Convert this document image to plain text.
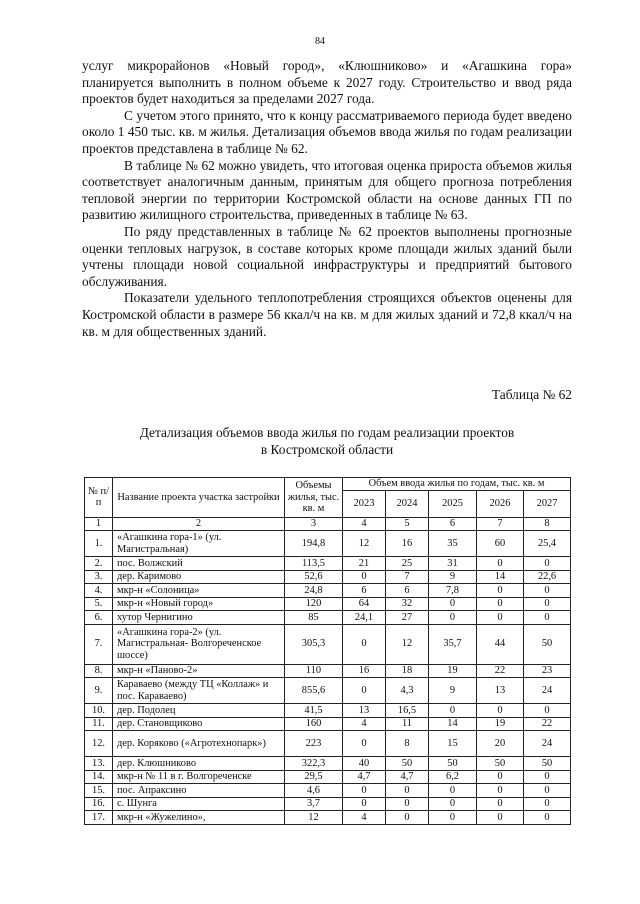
84

услуг микрорайонов «Новый город», «Клюшниково» и «Агашкина гора» планируется выполнить в полном объеме к 2027 году. Строительство и ввод ряда проектов будет находиться за пределами 2027 года.

С учетом этого принято, что к концу рассматриваемого периода будет введено около 1 450 тыс. кв. м жилья. Детализация объемов ввода жилья по годам реализации проектов представлена в таблице № 62.

В таблице № 62 можно увидеть, что итоговая оценка прироста объемов жилья соответствует аналогичным данным, принятым для общего прогноза потребления тепловой энергии по территории Костромской области на основе данных ГП по развитию жилищного строительства, приведенных в таблице № 63.

По ряду представленных в таблице № 62 проектов выполнены прогнозные оценки тепловых нагрузок, в составе которых кроме площади жилых зданий были учтены площади новой социальной инфраструктуры и предприятий бытового обслуживания.

Показатели удельного теплопотребления строящихся объектов оценены для Костромской области в размере 56 ккал/ч на кв. м для жилых зданий и 72,8 ккал/ч на кв. м для общественных зданий.

Таблица № 62
Детализация объемов ввода жилья по годам реализации проектов
в Костромской области
№ п/п	Название проекта участка застройки	Объемы жилья, тыс. кв. м	Объем ввода жилья по годам, тыс. кв. м				
			2023	2024	2025	2026	2027
1	2	3	4	5	6	7	8
1.	«Агашкина гора-1» (ул. Магистральная)	194,8	12	16	35	60	25,4
2.	пос. Волжский	113,5	21	25	31	0	0
3.	дер. Каримово	52,6	0	7	9	14	22,6
4.	мкр-н «Солоница»	24,8	6	6	7,8	0	0
5.	мкр-н «Новый город»	120	64	32	0	0	0
6.	хутор Чернигино	85	24,1	27	0	0	0
7.	«Агашкина гора-2» (ул. Магистральная- Волгореченское шоссе)	305,3	0	12	35,7	44	50
8.	мкр-н «Паново-2»	110	16	18	19	22	23
9.	Караваево (между ТЦ «Коллаж» и пос. Караваево)	855,6	0	4,3	9	13	24
10.	дер. Подолец	41,5	13	16,5	0	0	0
11.	дер. Становщиково	160	4	11	14	19	22
12.	дер. Коряково («Агротехнопарк»)	223	0	8	15	20	24
13.	дер. Клюшниково	322,3	40	50	50	50	50
14.	мкр-н № 11 в г. Волгореченске	29,5	4,7	4,7	6,2	0	0
15.	пос. Апраксино	4,6	0	0	0	0	0
16.	с. Шунга	3,7	0	0	0	0	0
17.	мкр-н «Жужелино»,	12	4	0	0	0	0
